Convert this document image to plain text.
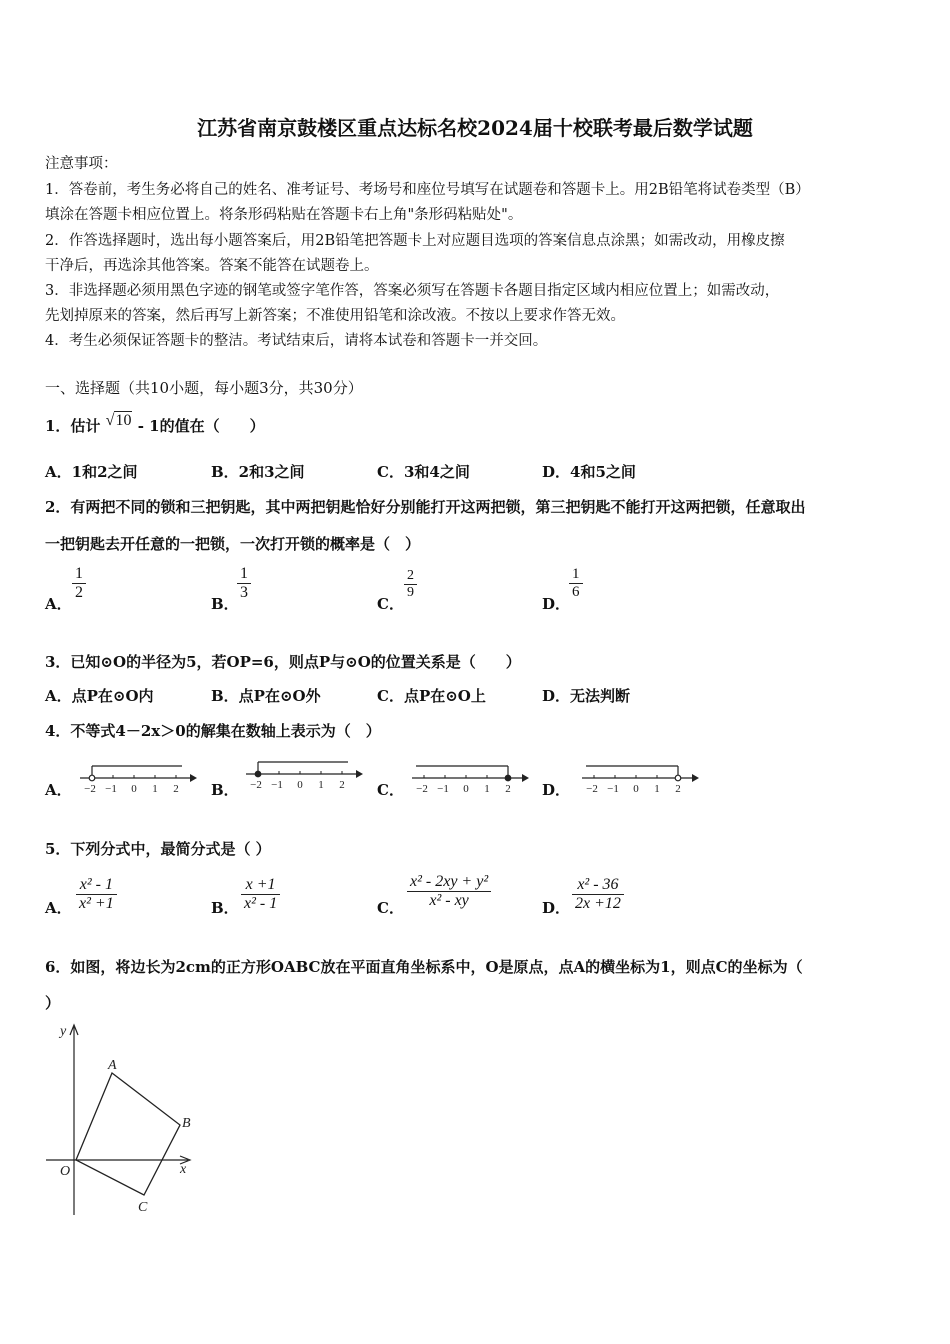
江苏省南京鼓楼区重点达标名校2024届十校联考最后数学试题
注意事项：
1．答卷前，考生务必将自己的姓名、准考证号、考场号和座位号填写在试题卷和答题卡上。用2B铅笔将试卷类型（B）
填涂在答题卡相应位置上。将条形码粘贴在答题卡右上角"条形码粘贴处"。
2．作答选择题时，选出每小题答案后，用2B铅笔把答题卡上对应题目选项的答案信息点涂黑；如需改动，用橡皮擦
干净后，再选涂其他答案。答案不能答在试题卷上。
3．非选择题必须用黑色字迹的钢笔或签字笔作答，答案必须写在答题卡各题目指定区域内相应位置上；如需改动，
先划掉原来的答案，然后再写上新答案；不准使用铅笔和涂改液。不按以上要求作答无效。
4．考生必须保证答题卡的整洁。考试结束后，请将本试卷和答题卡一并交回。
一、选择题（共10小题，每小题3分，共30分）
1．估计 √10 - 1的值在（　　）
A．1和2之间	B．2和3之间	C．3和4之间	D．4和5之间
2．有两把不同的锁和三把钥匙，其中两把钥匙恰好分别能打开这两把锁，第三把钥匙不能打开这两把锁，任意取出
一把钥匙去开任意的一把锁，一次打开锁的概率是（　）
A．
$\frac{1}{2}$
B．
$\frac{1}{3}$
C．
$\frac{2}{9}$
D．
$\frac{1}{6}$
3．已知⊙O的半径为5，若OP=6，则点P与⊙O的位置关系是（　　）
A．点P在⊙O内	B．点P在⊙O外	C．点P在⊙O上	D．无法判断
4．不等式4－2x＞0的解集在数轴上表示为（　）
A． −2 −1 0 1 2 B． −2 −1 0 1 2 C． −2 −1 0 1 2 D． −2 −1 0 1 2
5．下列分式中，最简分式是（ ）
A． $\frac{\text{x² - 1}}{\text{x² +1}}$	B． $\frac{x +1}{\text{x² - 1}}$	C． $\frac{\text{x² - 2xy + y²}}{\text{x² - xy}}$	D． $\frac{\text{x² - 36}}{2x +12}$
6．如图，将边长为2cm的正方形OABC放在平面直角坐标系中，O是原点，点A的横坐标为1，则点C的坐标为（
）
y
x
O
A
B
C
